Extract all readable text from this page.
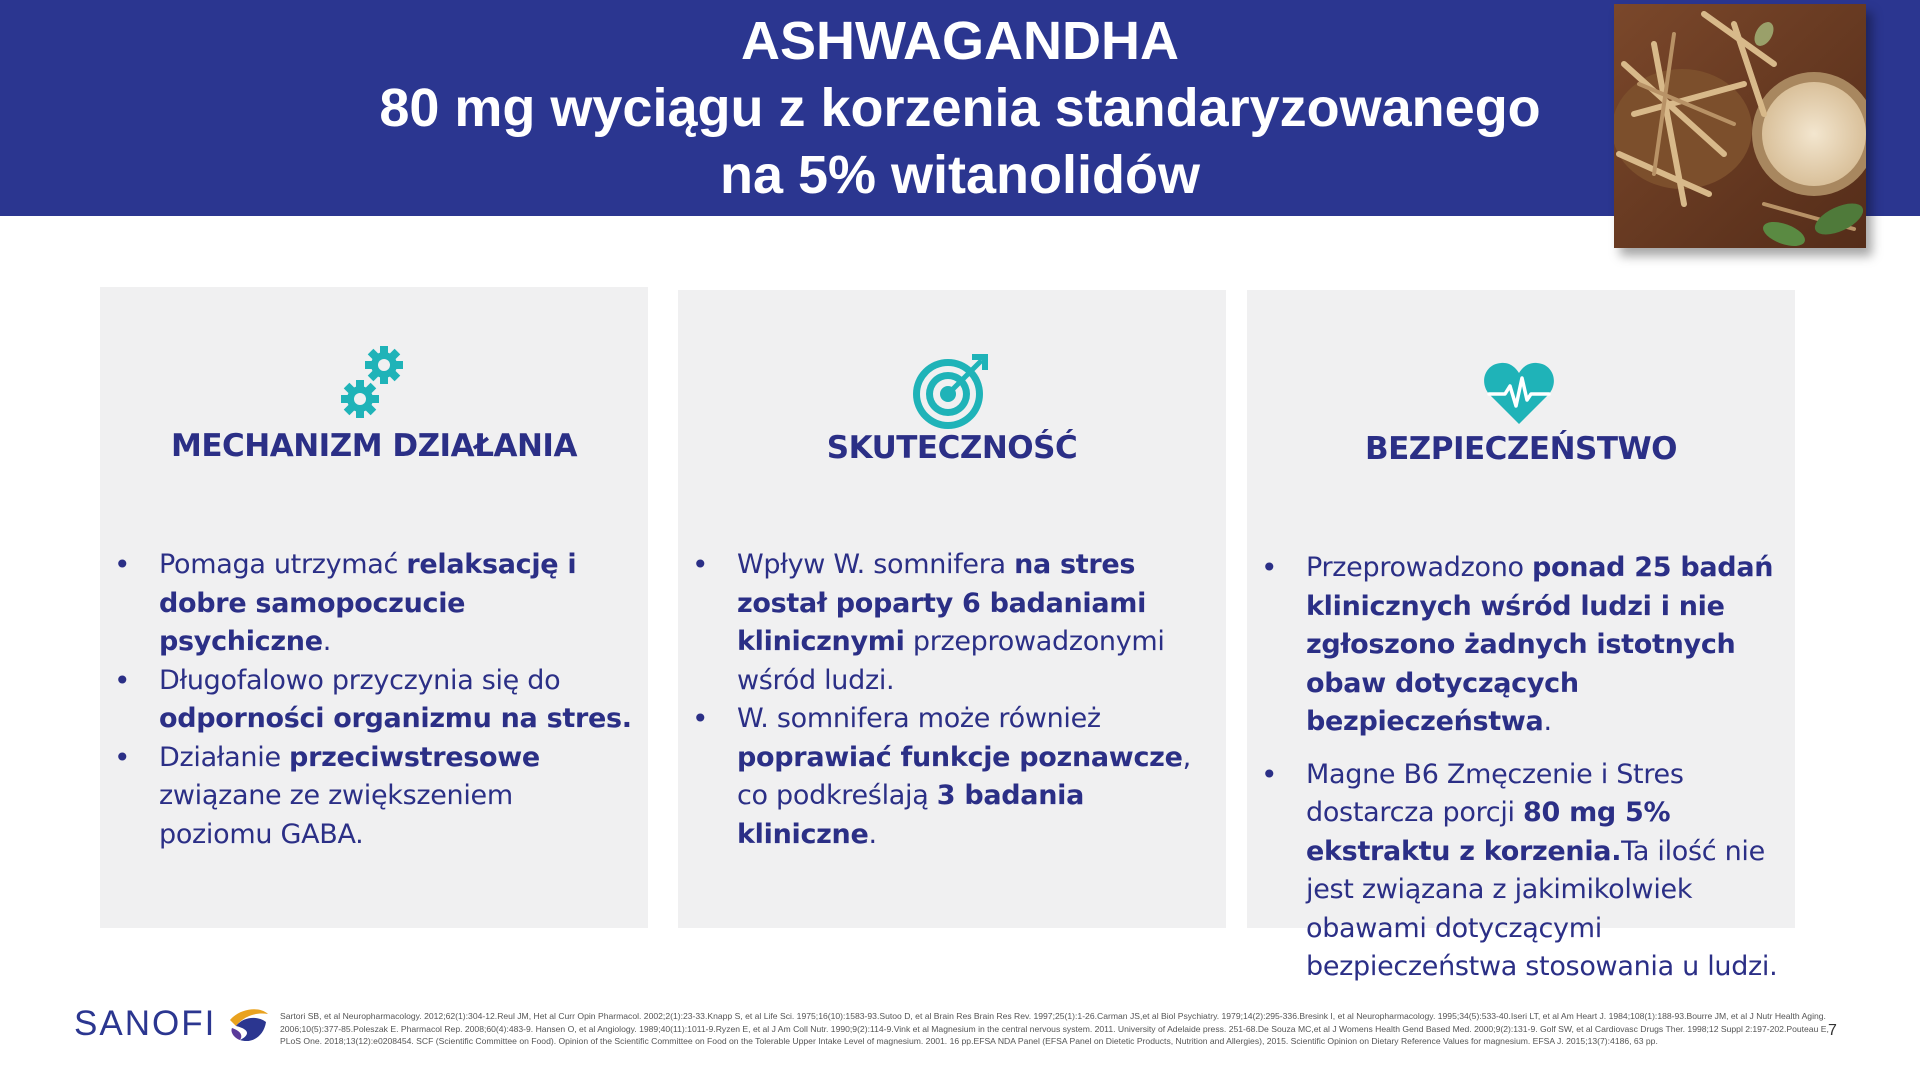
ASHWAGANDHA
80 mg wyciągu z korzenia standaryzowanego
na 5% witanolidów
MECHANIZM DZIAŁANIA
• Pomaga utrzymać relaksację i dobre samopoczucie psychiczne.
• Długofalowo przyczynia się do odporności organizmu na stres.
• Działanie przeciwstresowe związane ze zwiększeniem poziomu GABA.
SKUTECZNOŚĆ
• Wpływ W. somnifera na stres został poparty 6 badaniami klinicznymi przeprowadzonymi wśród ludzi.
• W. somnifera może również poprawiać funkcje poznawcze, co podkreślają 3 badania kliniczne.
BEZPIECZEŃSTWO
• Przeprowadzono ponad 25 badań klinicznych wśród ludzi i nie zgłoszono żadnych istotnych obaw dotyczących bezpieczeństwa.
• Magne B6 Zmęczenie i Stres dostarcza porcji 80 mg 5% ekstraktu z korzenia.Ta ilość nie jest związana z jakimikolwiek obawami dotyczącymi bezpieczeństwa stosowania u ludzi.
SANOFI	Sartori SB, et al Neuropharmacology. 2012;62(1):304-12.Reul JM, Het al Curr Opin Pharmacol. 2002;2(1):23-33.Knapp S, et al Life Sci. 1975;16(10):1583-93.Sutoo D, et al Brain Res Brain Res Rev. 1997;25(1):1-26.Carman JS,et al Biol Psychiatry. 1979;14(2):295-336.Bresink I, et al Neuropharmacology. 1995;34(5):533-40.Iseri LT, et al Am Heart J. 1984;108(1):188-93.Bourre JM, et al J Nutr Health Aging. 2006;10(5):377-85.Poleszak E. Pharmacol Rep. 2008;60(4):483-9. Hansen O, et al Angiology. 1989;40(11):1011-9.Ryzen E, et al J Am Coll Nutr. 1990;9(2):114-9.Vink et al Magnesium in the central nervous system. 2011. University of Adelaide press. 251-68.De Souza MC,et al J Womens Health Gend Based Med. 2000;9(2):131-9. Golf SW, et al Cardiovasc Drugs Ther. 1998;12 Suppl 2:197-202.Pouteau E, PLoS One. 2018;13(12):e0208454. SCF (Scientific Committee on Food). Opinion of the Scientific Committee on Food on the Tolerable Upper Intake Level of magnesium. 2001. 16 pp.EFSA NDA Panel (EFSA Panel on Dietetic Products, Nutrition and Allergies), 2015. Scientific Opinion on Dietary Reference Values for magnesium. EFSA J. 2015;13(7):4186, 63 pp.
7
